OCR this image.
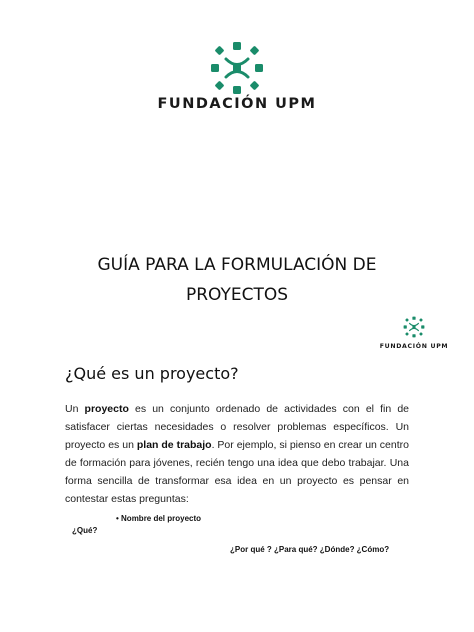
FUNDACIÓN UPM
GUÍA PARA LA FORMULACIÓN DE
PROYECTOS
FUNDACIÓN UPM
¿Qué es un proyecto?
Un proyecto es un conjunto ordenado de actividades con el fin de satisfacer ciertas necesidades o resolver problemas específicos. Un proyecto es un plan de trabajo. Por ejemplo, si pienso en crear un centro de formación para jóvenes, recién tengo una idea que debo trabajar. Una forma sencilla de transformar esa idea en un proyecto es pensar en contestar estas preguntas:
• Nombre del proyecto
¿Qué?
¿Por qué ? ¿Para qué? ¿Dónde? ¿Cómo?
